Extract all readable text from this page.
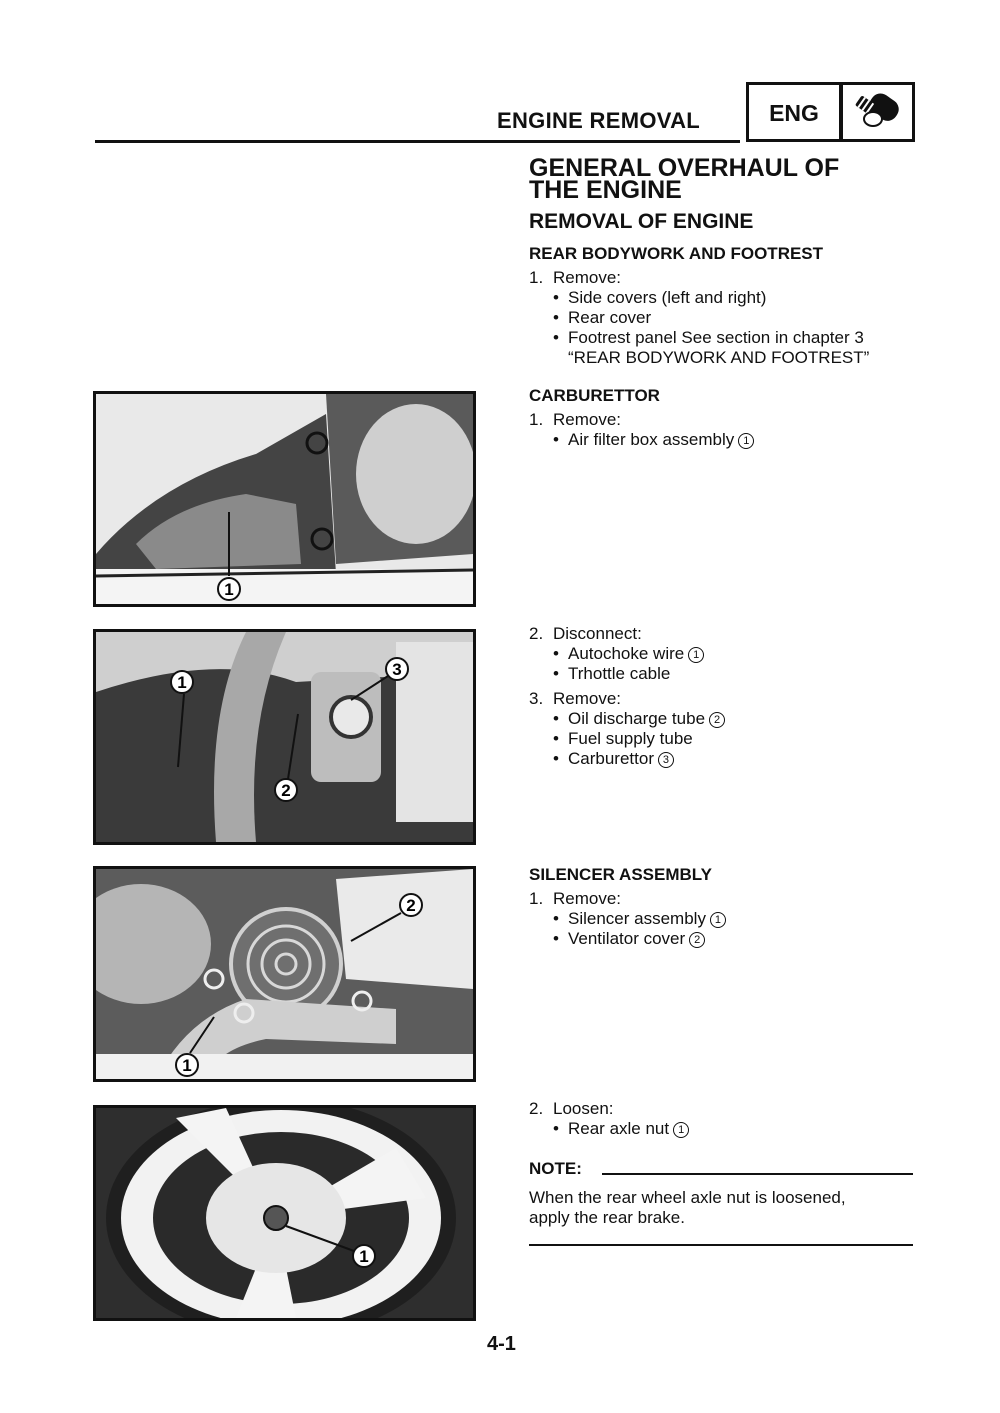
ENGINE REMOVAL	ENG
GENERAL OVERHAUL OF
THE ENGINE
REMOVAL OF ENGINE
REAR BODYWORK AND FOOTREST
1. Remove:
• Side covers (left and right)
• Rear cover
• Footrest panel See section in chapter 3
“REAR BODYWORK AND FOOTREST”
CARBURETTOR
1. Remove:
• Air filter box assembly 1
2. Disconnect:
• Autochoke wire 1
• Trhottle cable
3. Remove:
• Oil discharge tube 2
• Fuel supply tube
• Carburettor 3
SILENCER ASSEMBLY
1. Remove:
• Silencer assembly 1
• Ventilator cover 2
2. Loosen:
• Rear axle nut 1
NOTE:
When the rear wheel axle nut is loosened,
apply the rear brake.
1
1
2
3
1
2
1
4-1
